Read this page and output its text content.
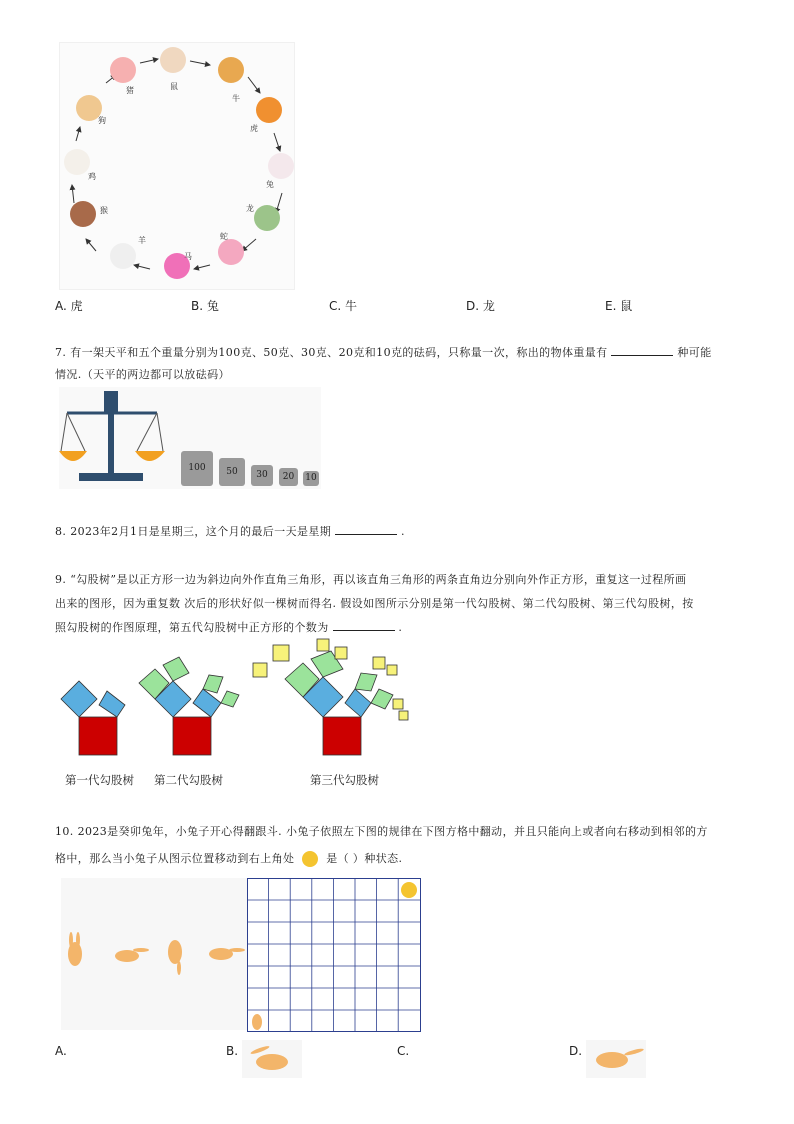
鼠
牛
虎
兔
龙
蛇
马
羊
猴
鸡
狗
猪
A. 虎	B. 兔	C. 牛	D. 龙	E. 鼠
7. 有一架天平和五个重量分别为100克、50克、30克、20克和10克的砝码，只称量一次，称出的物体重量有	种可能
情况.（天平的两边都可以放砝码）
100	50	30	20	10
8. 2023年2月1日是星期三，这个月的最后一天是星期	.
9. “勾股树”是以正方形一边为斜边向外作直角三角形，再以该直角三角形的两条直角边分别向外作正方形，重复这一过程所画
出来的图形，因为重复数 次后的形状好似一棵树而得名. 假设如图所示分别是第一代勾股树、第二代勾股树、第三代勾股树，按
照勾股树的作图原理，第五代勾股树中正方形的个数为	.
第一代勾股树 第二代勾股树	第三代勾股树
10. 2023是癸卯兔年，小兔子开心得翻跟斗. 小兔子依照左下图的规律在下图方格中翻动，并且只能向上或者向右移动到相邻的方
格中，那么当小兔子从图示位置移动到右上角处	是（ ）种状态.
A.	B.	C.	D.
